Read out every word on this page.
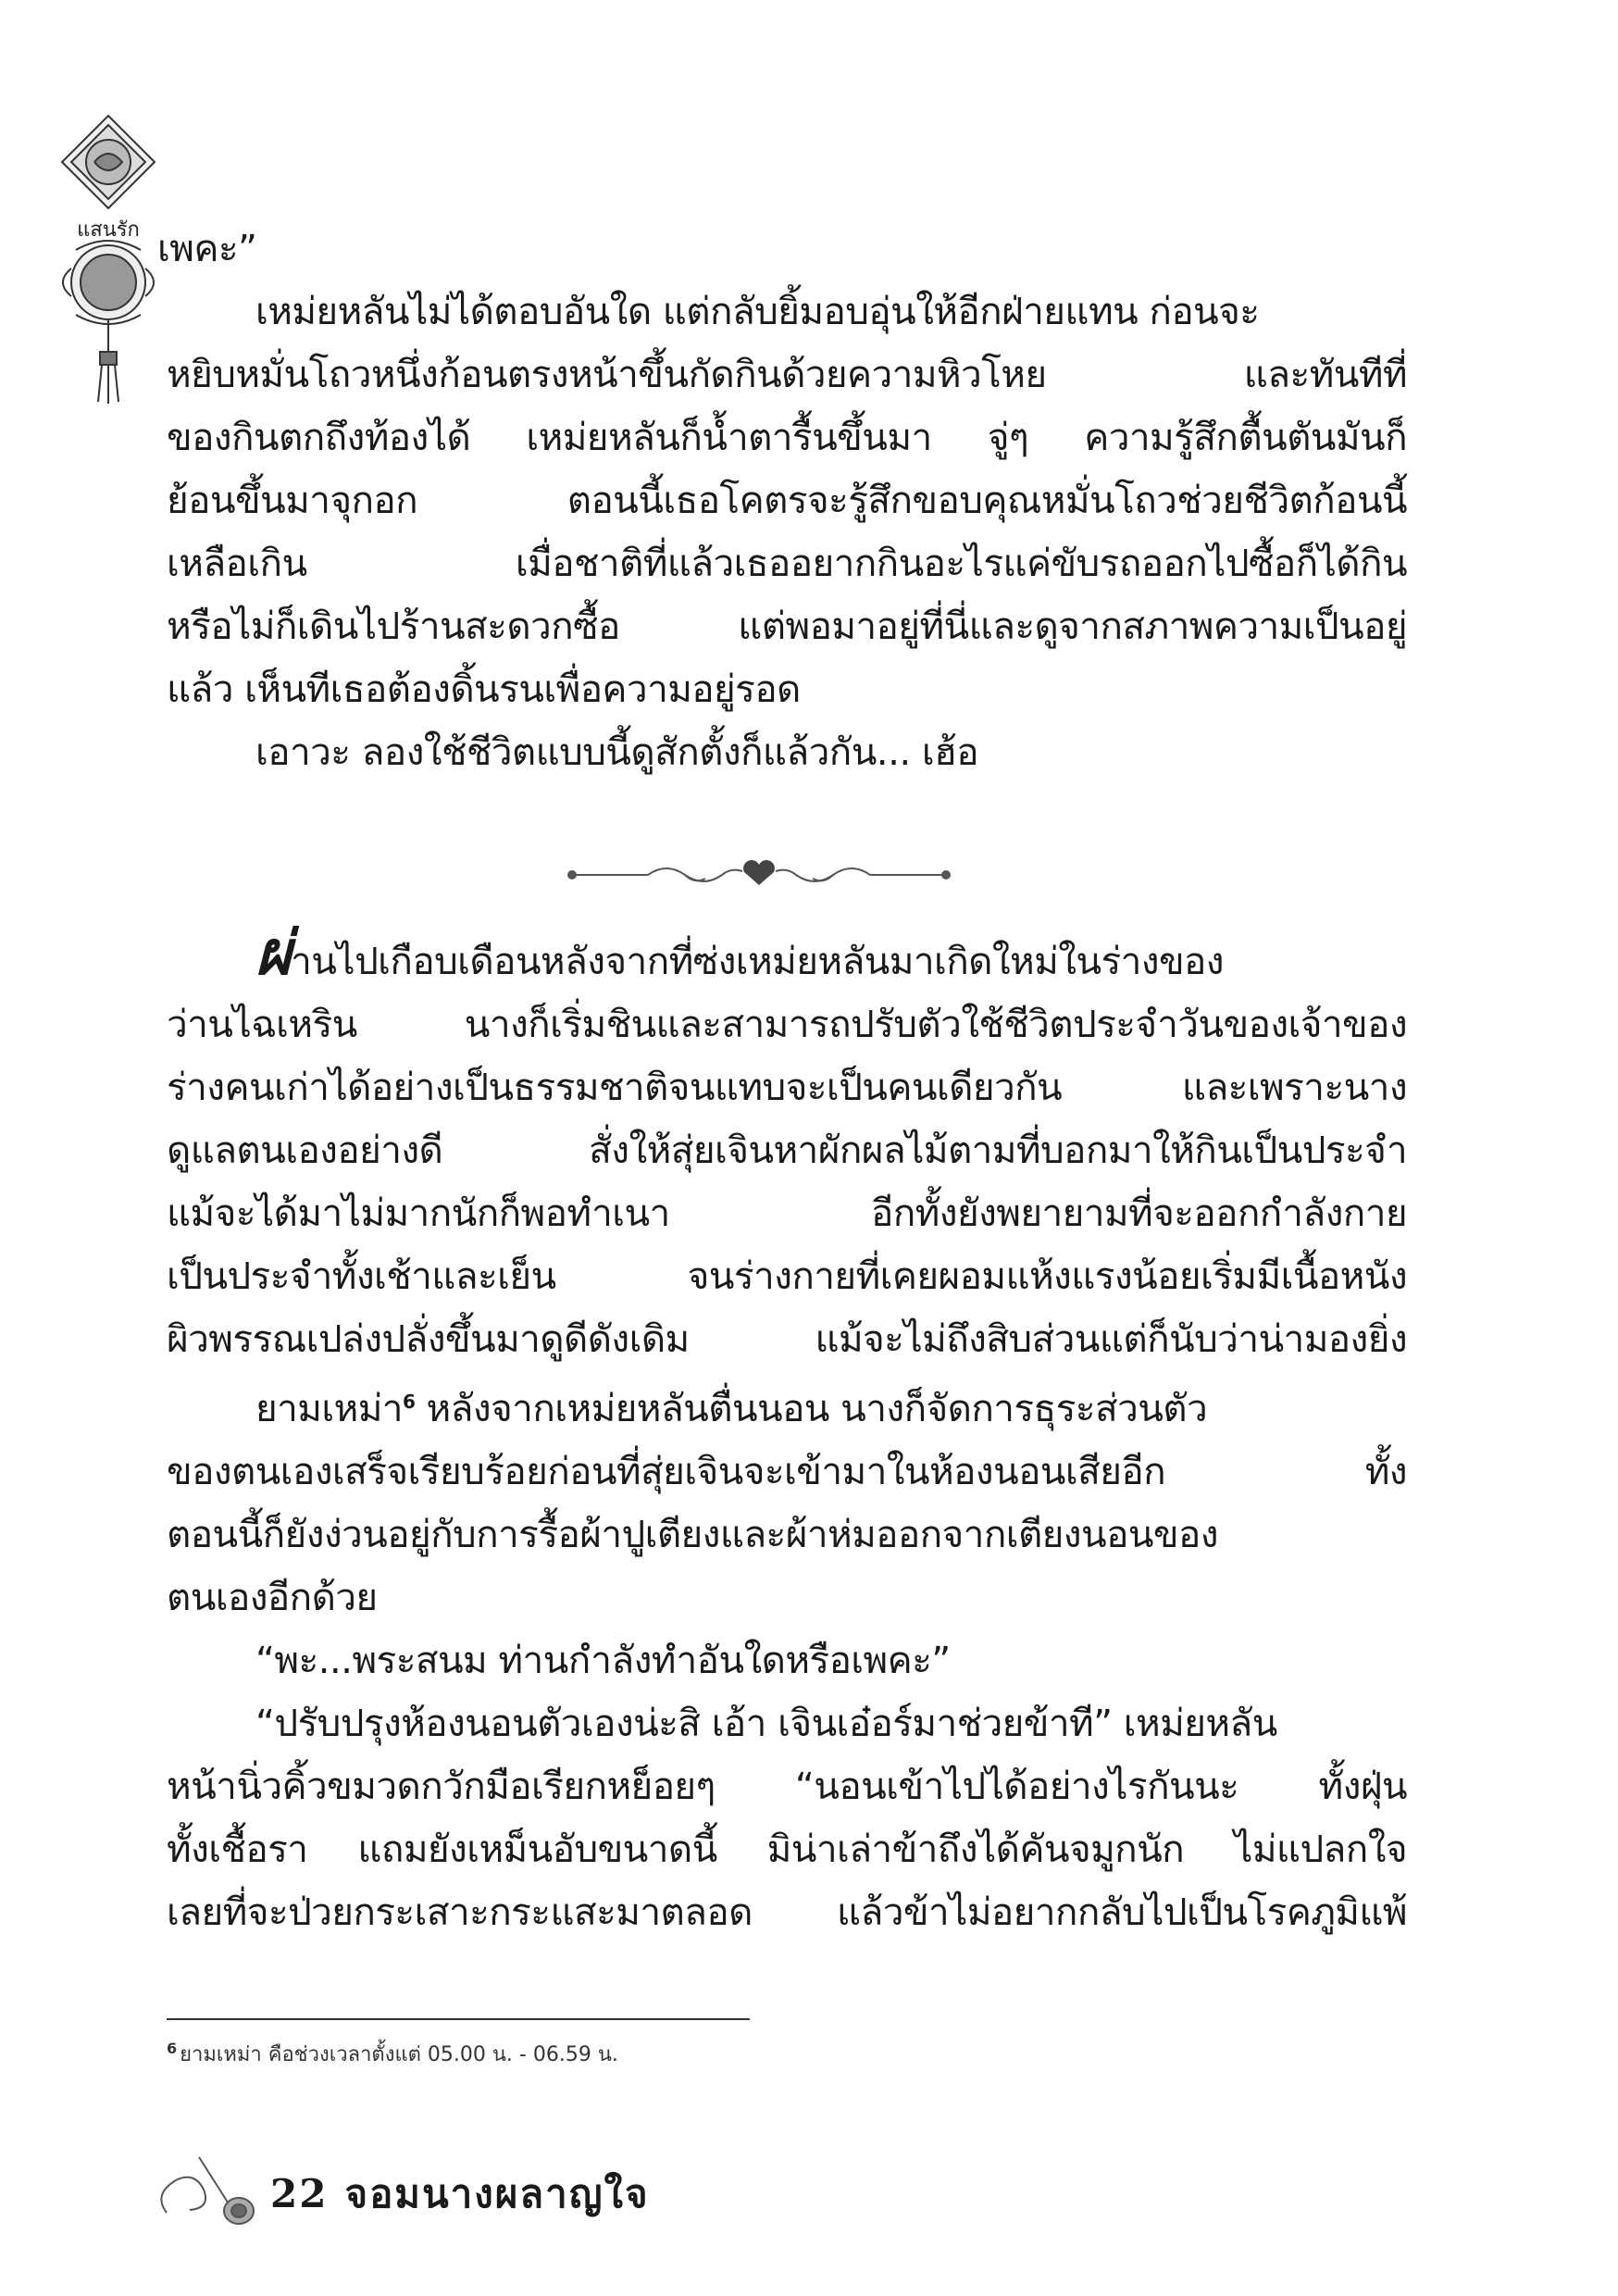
แสนรัก เพคะ”

เหม่ยหลันไม่ได้ตอบอันใด แต่กลับยิ้มอบอุ่นให้อีกฝ่ายแทน ก่อนจะ

หยิบหมั่นโถวหนึ่งก้อนตรงหน้าขึ้นกัดกินด้วยความหิวโหย และทันทีที่

ของกินตกถึงท้องได้ เหม่ยหลันก็น้ำตารื้นขึ้นมา จู่ๆ ความรู้สึกตื้นตันมันก็

ย้อนขึ้นมาจุกอก ตอนนี้เธอโคตรจะรู้สึกขอบคุณหมั่นโถวช่วยชีวิตก้อนนี้

เหลือเกิน เมื่อชาติที่แล้วเธออยากกินอะไรแค่ขับรถออกไปซื้อก็ได้กิน

หรือไม่ก็เดินไปร้านสะดวกซื้อ แต่พอมาอยู่ที่นี่และดูจากสภาพความเป็นอยู่

แล้ว เห็นทีเธอต้องดิ้นรนเพื่อความอยู่รอด

เอาวะ ลองใช้ชีวิตแบบนี้ดูสักตั้งก็แล้วกัน... เฮ้อ

ผ่านไปเกือบเดือนหลังจากที่ซ่งเหม่ยหลันมาเกิดใหม่ในร่างของ

ว่านไฉเหริน นางก็เริ่มชินและสามารถปรับตัวใช้ชีวิตประจำวันของเจ้าของ

ร่างคนเก่าได้อย่างเป็นธรรมชาติจนแทบจะเป็นคนเดียวกัน และเพราะนาง

ดูแลตนเองอย่างดี สั่งให้สุ่ยเจินหาผักผลไม้ตามที่บอกมาให้กินเป็นประจำ

แม้จะได้มาไม่มากนักก็พอทำเนา อีกทั้งยังพยายามที่จะออกกำลังกาย

เป็นประจำทั้งเช้าและเย็น จนร่างกายที่เคยผอมแห้งแรงน้อยเริ่มมีเนื้อหนัง

ผิวพรรณเปล่งปลั่งขึ้นมาดูดีดังเดิม แม้จะไม่ถึงสิบส่วนแต่ก็นับว่าน่ามองยิ่ง

ยามเหม่า$^6$ หลังจากเหม่ยหลันตื่นนอน นางก็จัดการธุระส่วนตัว

ของตนเองเสร็จเรียบร้อยก่อนที่สุ่ยเจินจะเข้ามาในห้องนอนเสียอีก ทั้ง

ตอนนี้ก็ยังง่วนอยู่กับการรื้อผ้าปูเตียงและผ้าห่มออกจากเตียงนอนของ

ตนเองอีกด้วย

“พะ...พระสนม ท่านกำลังทำอันใดหรือเพคะ”

“ปรับปรุงห้องนอนตัวเองน่ะสิ เอ้า เจินเอ๋อร์มาช่วยข้าที” เหม่ยหลัน

หน้านิ่วคิ้วขมวดกวักมือเรียกหย็อยๆ “นอนเข้าไปได้อย่างไรกันนะ ทั้งฝุ่น

ทั้งเชื้อรา แถมยังเหม็นอับขนาดนี้ มิน่าเล่าข้าถึงได้คันจมูกนัก ไม่แปลกใจ

เลยที่จะป่วยกระเสาะกระแสะมาตลอด แล้วข้าไม่อยากกลับไปเป็นโรคภูมิแพ้

$^6$ ยามเหม่า คือช่วงเวลาตั้งแต่ 05.00 น. - 06.59 น.
22 จอมนางผลาญใจ
